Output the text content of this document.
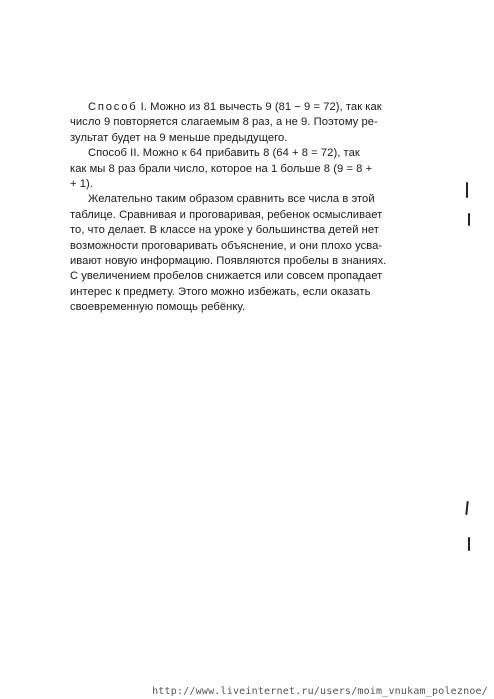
Способ I. Можно из 81 вычесть 9 (81 − 9 = 72), так как
число 9 повторяется слагаемым 8 раз, а не 9. Поэтому ре-
зультат будет на 9 меньше предыдущего.

Способ II. Можно к 64 прибавить 8 (64 + 8 = 72), так
как мы 8 раз брали число, которое на 1 больше 8 (9 = 8 +
+ 1).

Желательно таким образом сравнить все числа в этой
таблице. Сравнивая и проговаривая, ребенок осмысливает
то, что делает. В классе на уроке у большинства детей нет
возможности проговаривать объяснение, и они плохо усва-
ивают новую информацию. Появляются пробелы в знаниях.
С увеличением пробелов снижается или совсем пропадает
интерес к предмету. Этого можно избежать, если оказать
своевременную помощь ребёнку.

http://www.liveinternet.ru/users/moim_vnukam_poleznoe/
